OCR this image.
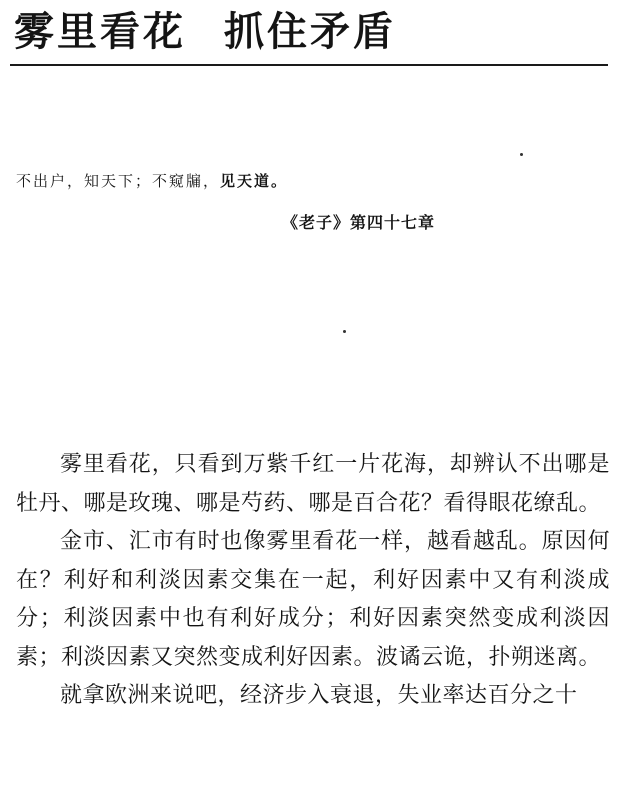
雾里看花 抓住矛盾

不出户，知天下；不窥牖，见天道。

《老子》第四十七章

雾里看花，只看到万紫千红一片花海，却辨认不出哪是牡丹、哪是玫瑰、哪是芍药、哪是百合花？看得眼花缭乱。

金市、汇市有时也像雾里看花一样，越看越乱。原因何在？利好和利淡因素交集在一起，利好因素中又有利淡成分；利淡因素中也有利好成分；利好因素突然变成利淡因素；利淡因素又突然变成利好因素。波谲云诡，扑朔迷离。

就拿欧洲来说吧，经济步入衰退，失业率达百分之十
